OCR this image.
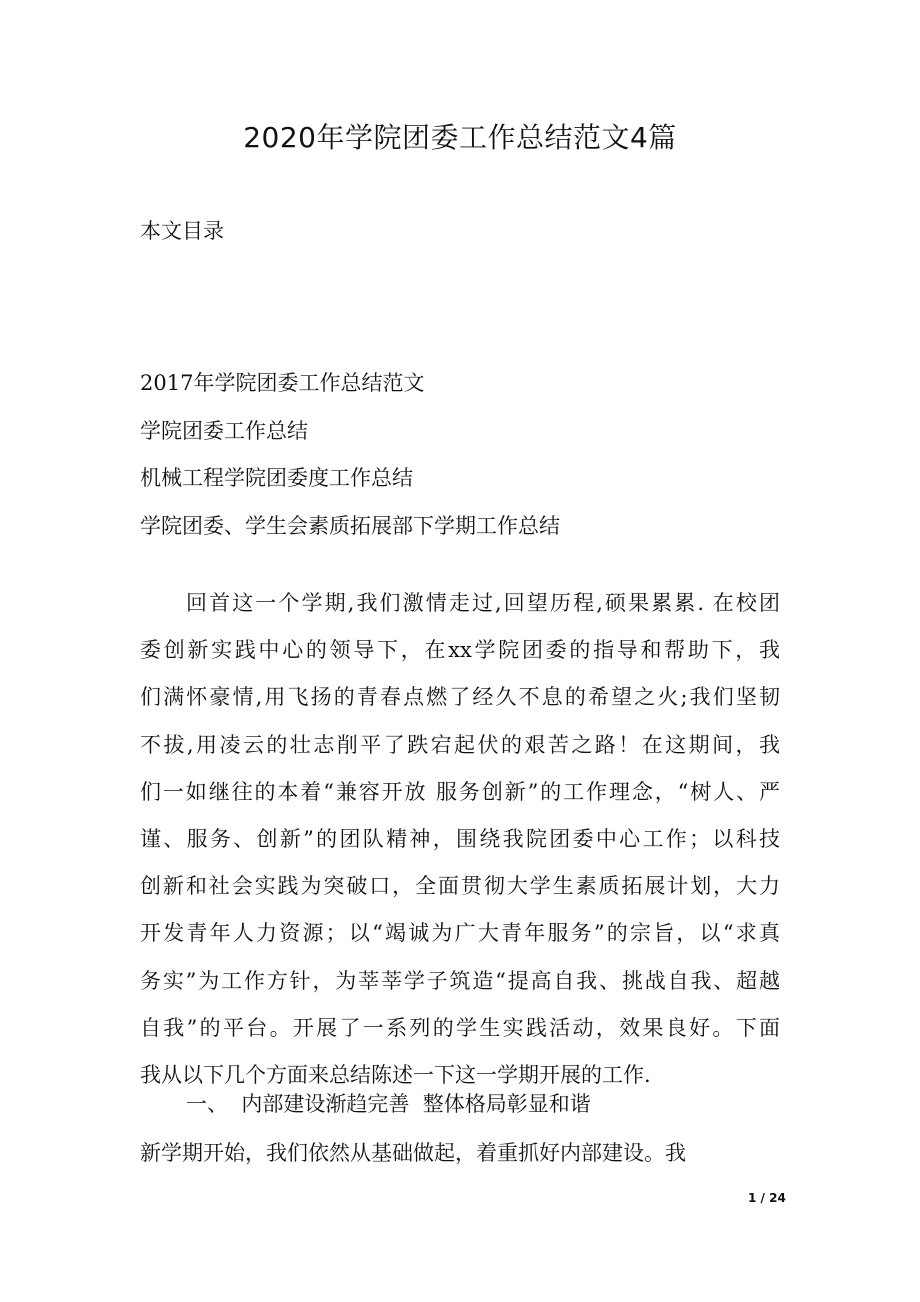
2020年学院团委工作总结范文4篇
本文目录
2017年学院团委工作总结范文
学院团委工作总结
机械工程学院团委度工作总结
学院团委、学生会素质拓展部下学期工作总结
回首这一个学期,我们激情走过,回望历程,硕果累累. 在校团
委创新实践中心的领导下，在xx学院团委的指导和帮助下，我
们满怀豪情,用飞扬的青春点燃了经久不息的希望之火;我们坚韧
不拔,用凌云的壮志削平了跌宕起伏的艰苦之路！在这期间，我
们一如继往的本着“兼容开放 服务创新”的工作理念，“树人、严
谨、服务、创新”的团队精神，围绕我院团委中心工作；以科技
创新和社会实践为突破口，全面贯彻大学生素质拓展计划，大力
开发青年人力资源；以“竭诚为广大青年服务”的宗旨，以“求真
务实”为工作方针，为莘莘学子筑造“提高自我、挑战自我、超越
自我”的平台。开展了一系列的学生实践活动，效果良好。下面
我从以下几个方面来总结陈述一下这一学期开展的工作.
一、  内部建设渐趋完善  整体格局彰显和谐

新学期开始，我们依然从基础做起，着重抓好内部建设。我

1 / 24
